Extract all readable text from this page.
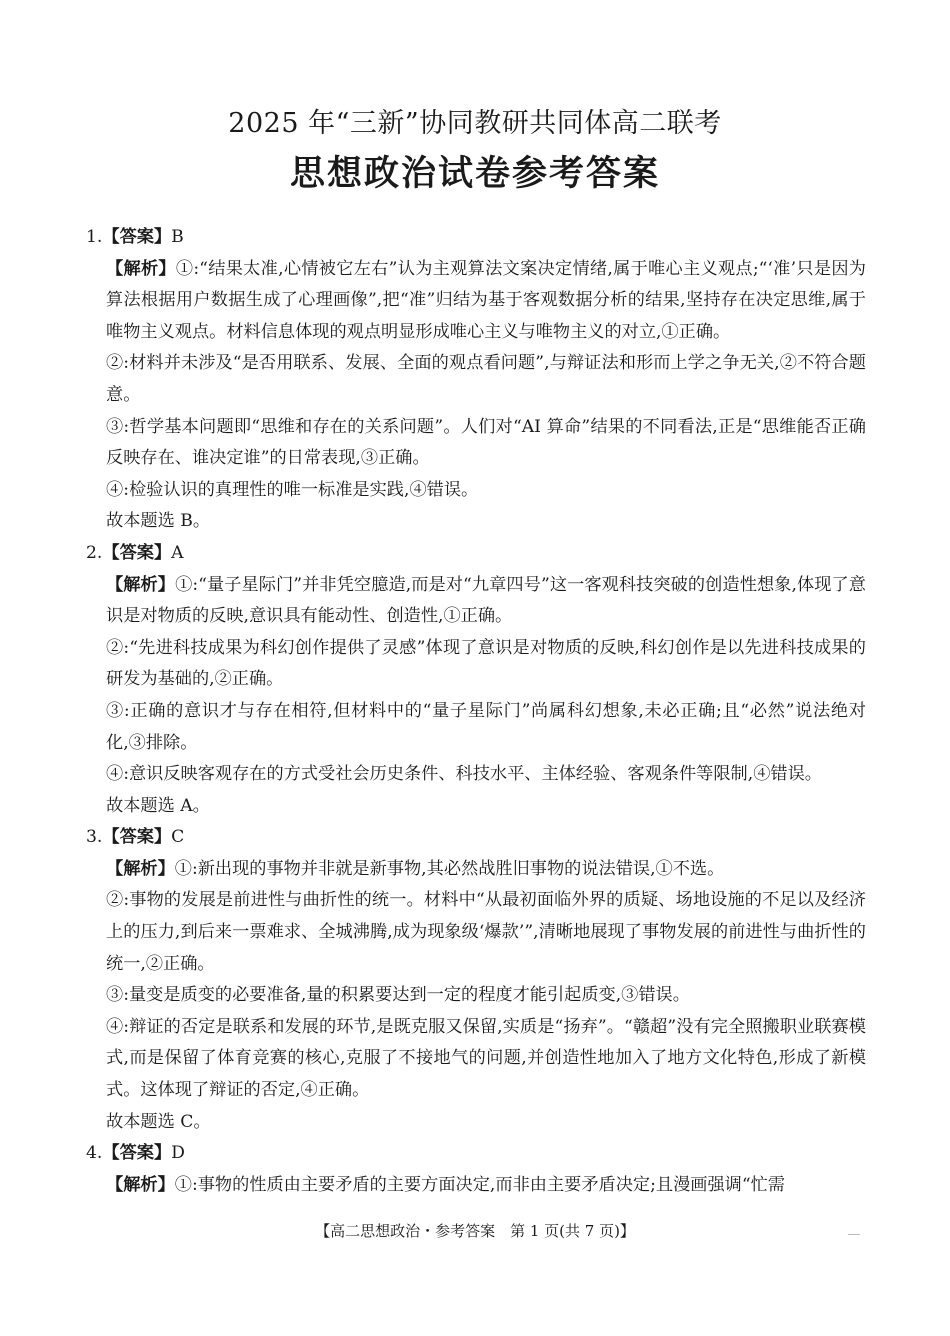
2025 年“三新”协同教研共同体高二联考
思想政治试卷参考答案

1.【答案】B

【解析】①:“结果太准,心情被它左右”认为主观算法文案决定情绪,属于唯心主义观点;“‘准’只是因为算法根据用户数据生成了心理画像”,把“准”归结为基于客观数据分析的结果,坚持存在决定思维,属于唯物主义观点。材料信息体现的观点明显形成唯心主义与唯物主义的对立,①正确。

②:材料并未涉及“是否用联系、发展、全面的观点看问题”,与辩证法和形而上学之争无关,②不符合题意。

③:哲学基本问题即“思维和存在的关系问题”。人们对“AI 算命”结果的不同看法,正是“思维能否正确反映存在、谁决定谁”的日常表现,③正确。

④:检验认识的真理性的唯一标准是实践,④错误。

故本题选 B。

2.【答案】A

【解析】①:“量子星际门”并非凭空臆造,而是对“九章四号”这一客观科技突破的创造性想象,体现了意识是对物质的反映,意识具有能动性、创造性,①正确。

②:“先进科技成果为科幻创作提供了灵感”体现了意识是对物质的反映,科幻创作是以先进科技成果的研发为基础的,②正确。

③:正确的意识才与存在相符,但材料中的“量子星际门”尚属科幻想象,未必正确;且“必然”说法绝对化,③排除。

④:意识反映客观存在的方式受社会历史条件、科技水平、主体经验、客观条件等限制,④错误。

故本题选 A。

3.【答案】C

【解析】①:新出现的事物并非就是新事物,其必然战胜旧事物的说法错误,①不选。

②:事物的发展是前进性与曲折性的统一。材料中“从最初面临外界的质疑、场地设施的不足以及经济上的压力,到后来一票难求、全城沸腾,成为现象级‘爆款’”,清晰地展现了事物发展的前进性与曲折性的统一,②正确。

③:量变是质变的必要准备,量的积累要达到一定的程度才能引起质变,③错误。

④:辩证的否定是联系和发展的环节,是既克服又保留,实质是“扬弃”。“赣超”没有完全照搬职业联赛模式,而是保留了体育竞赛的核心,克服了不接地气的问题,并创造性地加入了地方文化特色,形成了新模式。这体现了辩证的否定,④正确。

故本题选 C。

4.【答案】D

【解析】①:事物的性质由主要矛盾的主要方面决定,而非由主要矛盾决定;且漫画强调“忙需

【高二思想政治・参考答案　第 1 页(共 7 页)】
